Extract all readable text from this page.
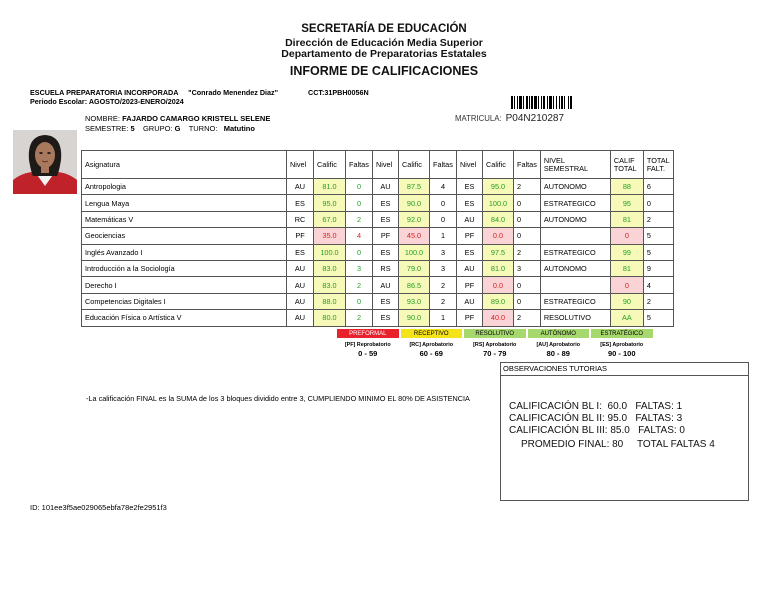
SECRETARÍA DE EDUCACIÓN
Dirección de Educación Media Superior
Departamento de Preparatorias Estatales
INFORME DE CALIFICACIONES
ESCUELA PREPARATORIA INCORPORADA "Conrado Menendez Diaz"	CCT:31PBH0056N
Periodo Escolar: AGOSTO/2023-ENERO/2024
NOMBRE: FAJARDO CAMARGO KRISTELL SELENE
SEMESTRE: 5 GRUPO: G TURNO: Matutino
MATRICULA: P04N210287
Asignatura	Nivel	Calific	Faltas	Nivel	Calific	Faltas	Nivel	Calific	Faltas	NIVEL SEMESTRAL	CALIF TOTAL	TOTAL FALT.
Antropologia	AU	81.0	0	AU	87.5	4	ES	95.0	2	AUTONOMO	88	6
Lengua Maya	ES	95.0	0	ES	90.0	0	ES	100.0	0	ESTRATEGICO	95	0
Matemáticas V	RC	67.0	2	ES	92.0	0	AU	84.0	0	AUTONOMO	81	2
Geociencias	PF	35.0	4	PF	45.0	1	PF	0.0	0		0	5
Inglés Avanzado I	ES	100.0	0	ES	100.0	3	ES	97.5	2	ESTRATEGICO	99	5
Introducción a la Sociología	AU	83.0	3	RS	79.0	3	AU	81.0	3	AUTONOMO	81	9
Derecho I	AU	83.0	2	AU	86.5	2	PF	0.0	0		0	4
Competencias Digitales I	AU	88.0	0	ES	93.0	2	AU	89.0	0	ESTRATEGICO	90	2
Educación Física o Artística V	AU	80.0	2	ES	90.0	1	PF	40.0	2	RESOLUTIVO	AA	5
PREFORMAL
[PF] Reprobatorio
0 - 59
RECEPTIVO
[RC] Aprobatorio
60 - 69
RESOLUTIVO
[RS] Aprobatorio
70 - 79
AUTÓNOMO
[AU] Aprobatorio
80 - 89
ESTRATÉGICO
[ES] Aprobatorio
90 - 100
-La calificación FINAL es la SUMA de los 3 bloques dividido entre 3, CUMPLIENDO MINIMO EL 80% DE ASISTENCIA
OBSERVACIONES TUTORIAS
CALIFICACIÓN BL I:  60.0   FALTAS: 1
CALIFICACIÓN BL II: 95.0   FALTAS: 3
CALIFICACIÓN BL III: 85.0   FALTAS: 0
PROMEDIO FINAL: 80     TOTAL FALTAS 4
ID: 101ee3f5ae029065ebfa78e2fe2951f3
